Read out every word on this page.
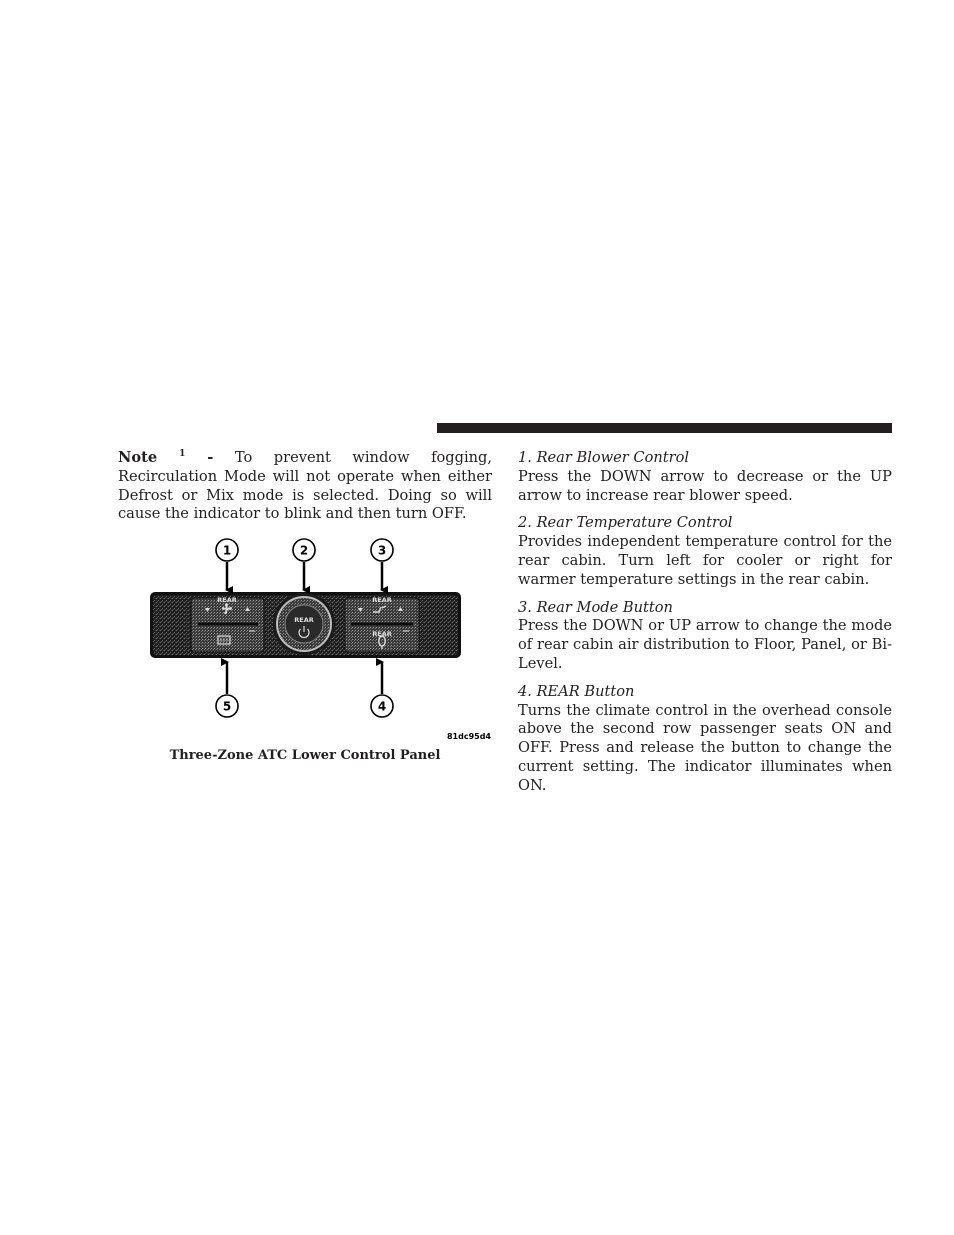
Note $^1$ - To prevent window fogging, Recirculation Mode will not operate when either Defrost or Mix mode is selected. Doing so will cause the indicator to blink and then turn OFF.

REAR
REAR
REAR
REAR
1	2	3
4
5
81dc95d4
Three-Zone ATC Lower Control Panel

1. Rear Blower Control

Press the DOWN arrow to decrease or the UP arrow to increase rear blower speed.

2. Rear Temperature Control

Provides independent temperature control for the rear cabin. Turn left for cooler or right for warmer temperature settings in the rear cabin.

3. Rear Mode Button

Press the DOWN or UP arrow to change the mode of rear cabin air distribution to Floor, Panel, or Bi-Level.

4. REAR Button

Turns the climate control in the overhead console above the second row passenger seats ON and OFF. Press and release the button to change the current setting. The indicator illuminates when ON.
